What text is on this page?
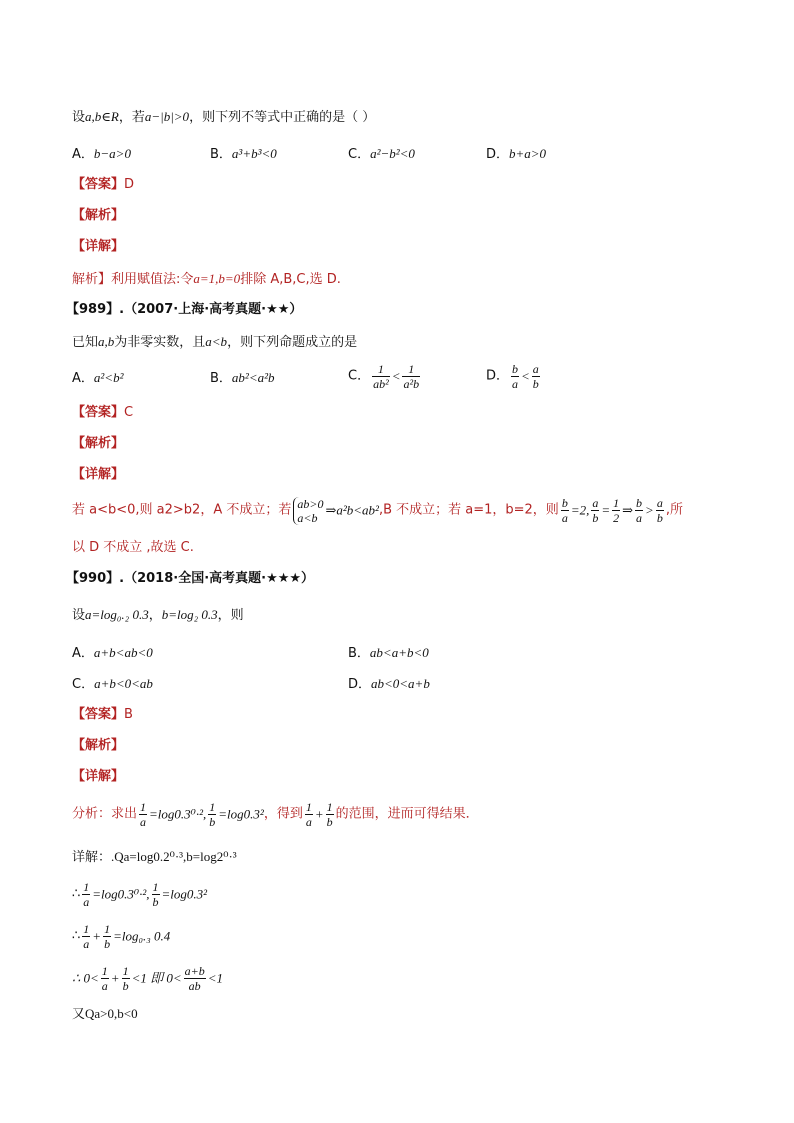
设a,b∈R，若a−|b|>0，则下列不等式中正确的是（ ）
A．b−a>0	B．a³+b³<0	C．a²−b²<0	D．b+a>0
【答案】D
【解析】
【详解】
解析】利用赋值法:令a=1,b=0排除 A,B,C,选 D.
【989】.（2007·上海·高考真题·★★）
已知a,b为非零实数，且a<b，则下列命题成立的是
A．a²<b²	B．ab²<a²b	C． $\frac{1}{\text{ab²}} < \frac{1}{\text{a²b}}$	D． $\frac{b}{a} < \frac{a}{b}$
【答案】C
【解析】
【详解】
若 a<b<0,则 a2>b2，A 不成立；若 ab>0
a<b ⇒a²b<ab²,B 不成立；若 a=1，b=2，则 $\frac{b}{a} =2$, $\frac{a}{b} = \frac{1}{2}$ ⇒ $\frac{b}{a} > \frac{a}{b}$ ,所
以 D 不成立 ,故选 C.
【990】.（2018·全国·高考真题·★★★）
设a=log₀.₂ 0.3，b=log₂ 0.3，则
A．a+b<ab<0	B．ab<a+b<0
C．a+b<0<ab	D．ab<0<a+b
【答案】B
【解析】
【详解】
分析：求出 $\frac{1}{a} =\log 0.3^0\cdot^2$, $\frac{1}{b} =\log 0.3^2$，得到 $\frac{1}{a} + \frac{1}{b}$ 的范围，进而可得结果．
详解：.Qa=log0.2⁰·³,b=log2⁰·³
∴ $\frac{1}{a} =\log 0.3^0\cdot^2$, $\frac{1}{b} =\log 0.3^2$
∴ $\frac{1}{a} + \frac{1}{b} =\log_0._3$ 0.4
∴ $0< \frac{1}{a} + \frac{1}{b} <1$ 即 $0< \frac{a+b}{ab} <1$
又Qa>0,b<0
